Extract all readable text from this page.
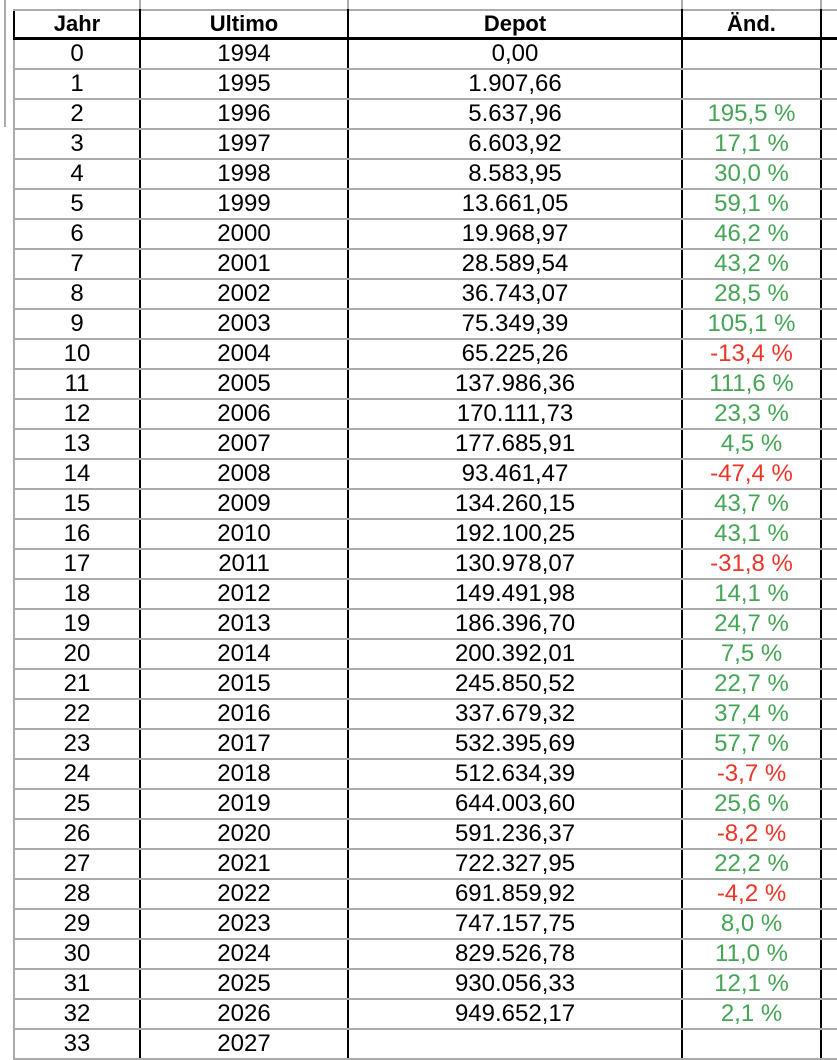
Jahr	Ultimo	Depot	Änd.	
0	1994	0,00		
1	1995	1.907,66		
2	1996	5.637,96	195,5 %	
3	1997	6.603,92	17,1 %	
4	1998	8.583,95	30,0 %	
5	1999	13.661,05	59,1 %	
6	2000	19.968,97	46,2 %	
7	2001	28.589,54	43,2 %	
8	2002	36.743,07	28,5 %	
9	2003	75.349,39	105,1 %	
10	2004	65.225,26	-13,4 %	
11	2005	137.986,36	111,6 %	
12	2006	170.111,73	23,3 %	
13	2007	177.685,91	4,5 %	
14	2008	93.461,47	-47,4 %	
15	2009	134.260,15	43,7 %	
16	2010	192.100,25	43,1 %	
17	2011	130.978,07	-31,8 %	
18	2012	149.491,98	14,1 %	
19	2013	186.396,70	24,7 %	
20	2014	200.392,01	7,5 %	
21	2015	245.850,52	22,7 %	
22	2016	337.679,32	37,4 %	
23	2017	532.395,69	57,7 %	
24	2018	512.634,39	-3,7 %	
25	2019	644.003,60	25,6 %	
26	2020	591.236,37	-8,2 %	
27	2021	722.327,95	22,2 %	
28	2022	691.859,92	-4,2 %	
29	2023	747.157,75	8,0 %	
30	2024	829.526,78	11,0 %	
31	2025	930.056,33	12,1 %	
32	2026	949.652,17	2,1 %	
33	2027			
